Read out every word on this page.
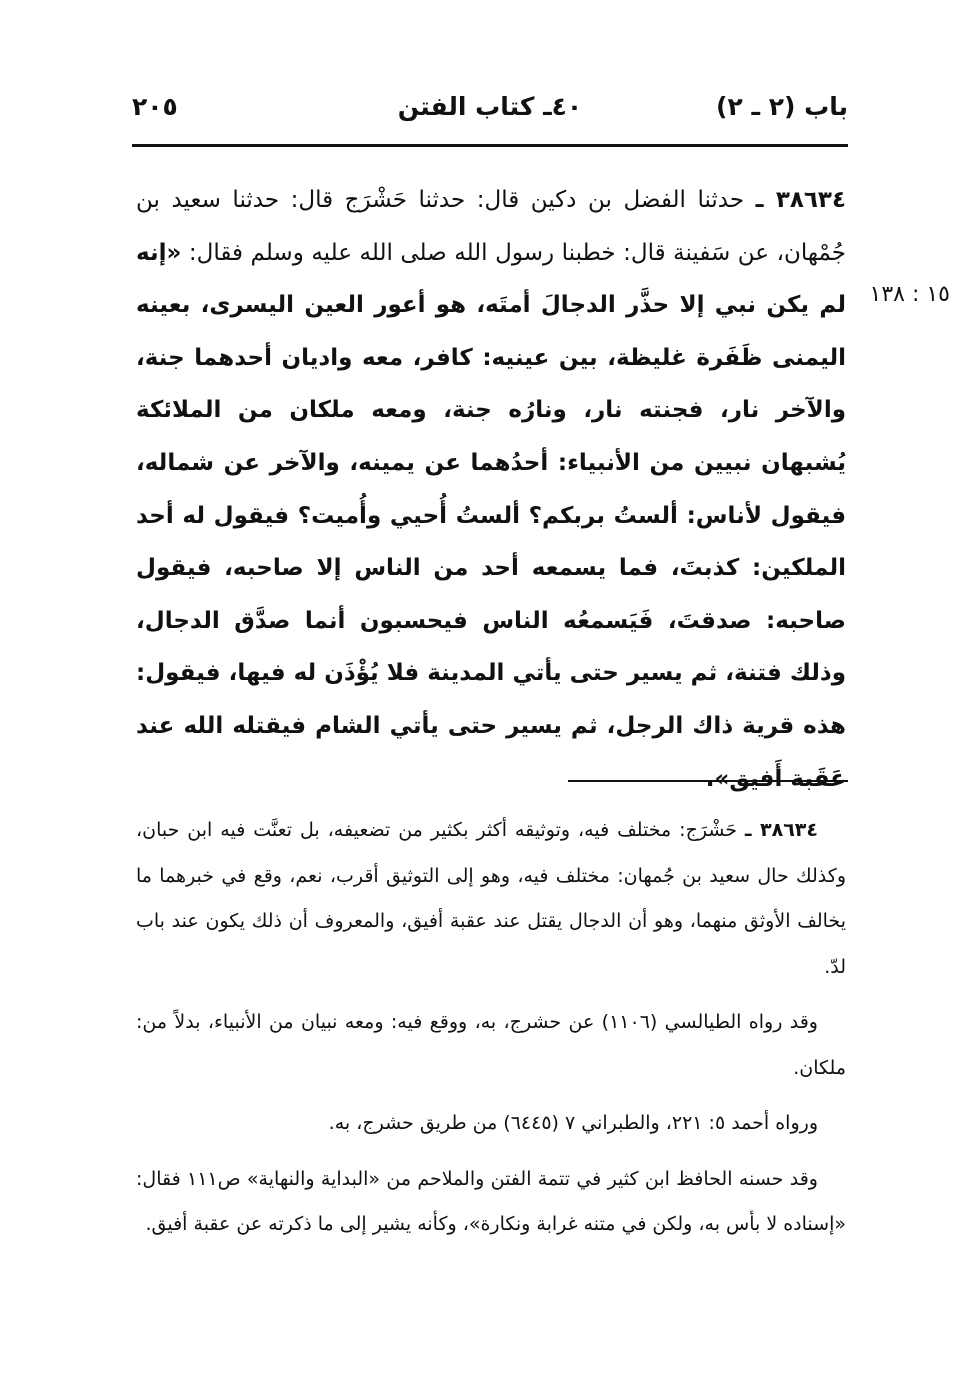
باب (٢ ـ ٢)
٤٠ـ كتاب الفتن
٢٠٥
١٥ : ١٣٨
٣٨٦٣٤ ـ حدثنا الفضل بن دكين قال: حدثنا حَشْرَج قال: حدثنا سعيد بن جُمْهان، عن سَفينة قال: خطبنا رسول الله صلى الله عليه وسلم فقال: «إنه لم يكن نبي إلا حذَّر الدجالَ أمتَه، هو أعور العين اليسرى، بعينه اليمنى ظَفَرة غليظة، بين عينيه: كافر، معه واديان أحدهما جنة، والآخر نار، فجنته نار، ونارُه جنة، ومعه ملكان من الملائكة يُشبهان نبيين من الأنبياء: أحدُهما عن يمينه، والآخر عن شماله، فيقول لأناس: ألستُ بربكم؟ ألستُ أُحيي وأُميت؟ فيقول له أحد الملكين: كذبتَ، فما يسمعه أحد من الناس إلا صاحبه، فيقول صاحبه: صدقتَ، فَيَسمعُه الناس فيحسبون أنما صدَّق الدجال، وذلك فتنة، ثم يسير حتى يأتي المدينة فلا يُؤْذَن له فيها، فيقول: هذه قرية ذاك الرجل، ثم يسير حتى يأتي الشام فيقتله الله عند عَقَبة أَفيق».

٣٨٦٣٤ ـ حَشْرَج: مختلف فيه، وتوثيقه أكثر بكثير من تضعيفه، بل تعنَّت فيه ابن حبان، وكذلك حال سعيد بن جُمهان: مختلف فيه، وهو إلى التوثيق أقرب، نعم، وقع في خبرهما ما يخالف الأوثق منهما، وهو أن الدجال يقتل عند عقبة أفيق، والمعروف أن ذلك يكون عند باب لدّ.

وقد رواه الطيالسي (١١٠٦) عن حشرج، به، ووقع فيه: ومعه نبيان من الأنبياء، بدلاً من: ملكان.

ورواه أحمد ٥: ٢٢١، والطبراني ٧ (٦٤٤٥) من طريق حشرج، به.

وقد حسنه الحافظ ابن كثير في تتمة الفتن والملاحم من «البداية والنهاية» ص١١١ فقال: «إسناده لا بأس به، ولكن في متنه غرابة ونكارة»، وكأنه يشير إلى ما ذكرته عن عقبة أفيق.
